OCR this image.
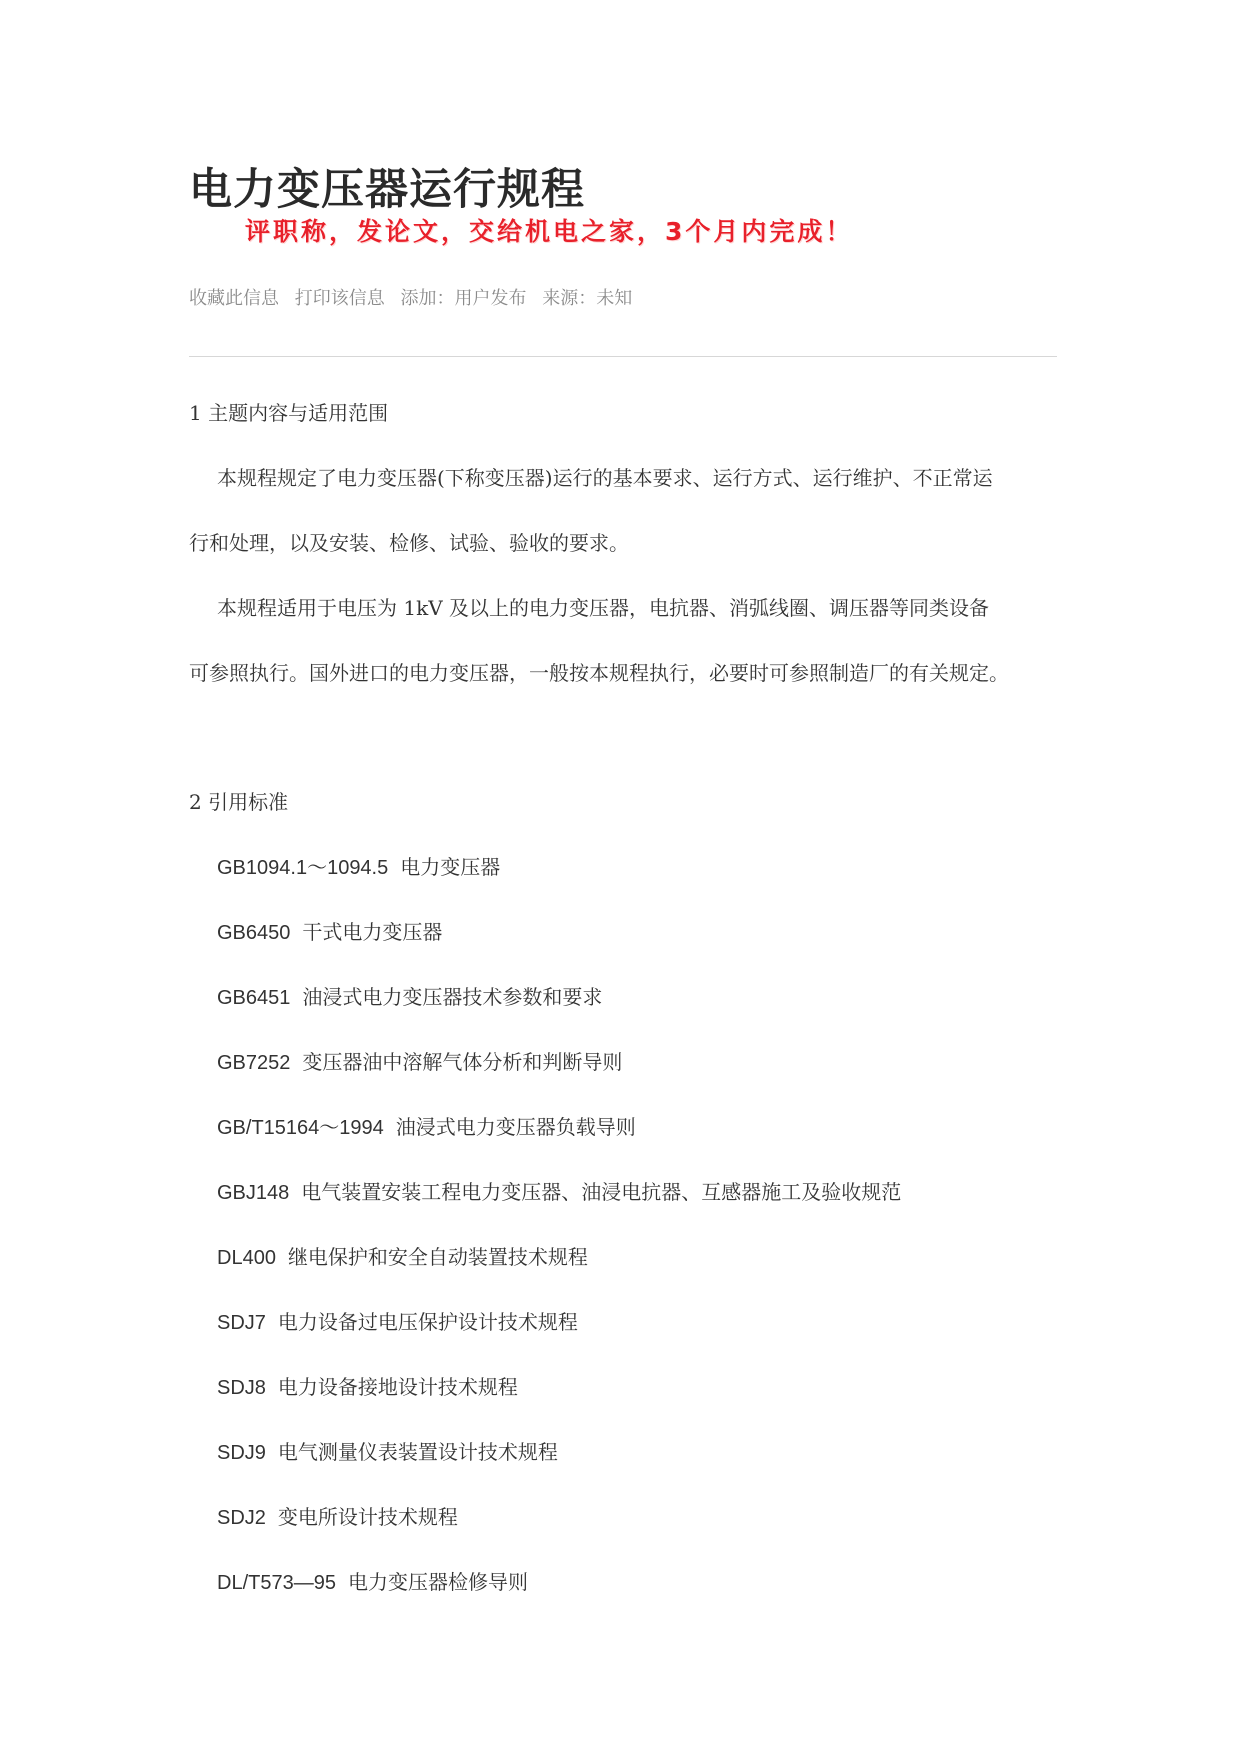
电力变压器运行规程
评职称，发论文，交给机电之家，3个月内完成！
收藏此信息 打印该信息 添加：用户发布 来源：未知
1 主题内容与适用范围
本规程规定了电力变压器(下称变压器)运行的基本要求、运行方式、运行维护、不正常运
行和处理，以及安装、检修、试验、验收的要求。
本规程适用于电压为 1kV 及以上的电力变压器，电抗器、消弧线圈、调压器等同类设备
可参照执行。国外进口的电力变压器，一般按本规程执行，必要时可参照制造厂的有关规定。
2 引用标准
GB1094.1～1094.5 电力变压器
GB6450 干式电力变压器
GB6451 油浸式电力变压器技术参数和要求
GB7252 变压器油中溶解气体分析和判断导则
GB/T15164～1994 油浸式电力变压器负载导则
GBJ148 电气装置安装工程电力变压器、油浸电抗器、互感器施工及验收规范
DL400 继电保护和安全自动装置技术规程
SDJ7 电力设备过电压保护设计技术规程
SDJ8 电力设备接地设计技术规程
SDJ9 电气测量仪表装置设计技术规程
SDJ2 变电所设计技术规程
DL/T573—95 电力变压器检修导则
